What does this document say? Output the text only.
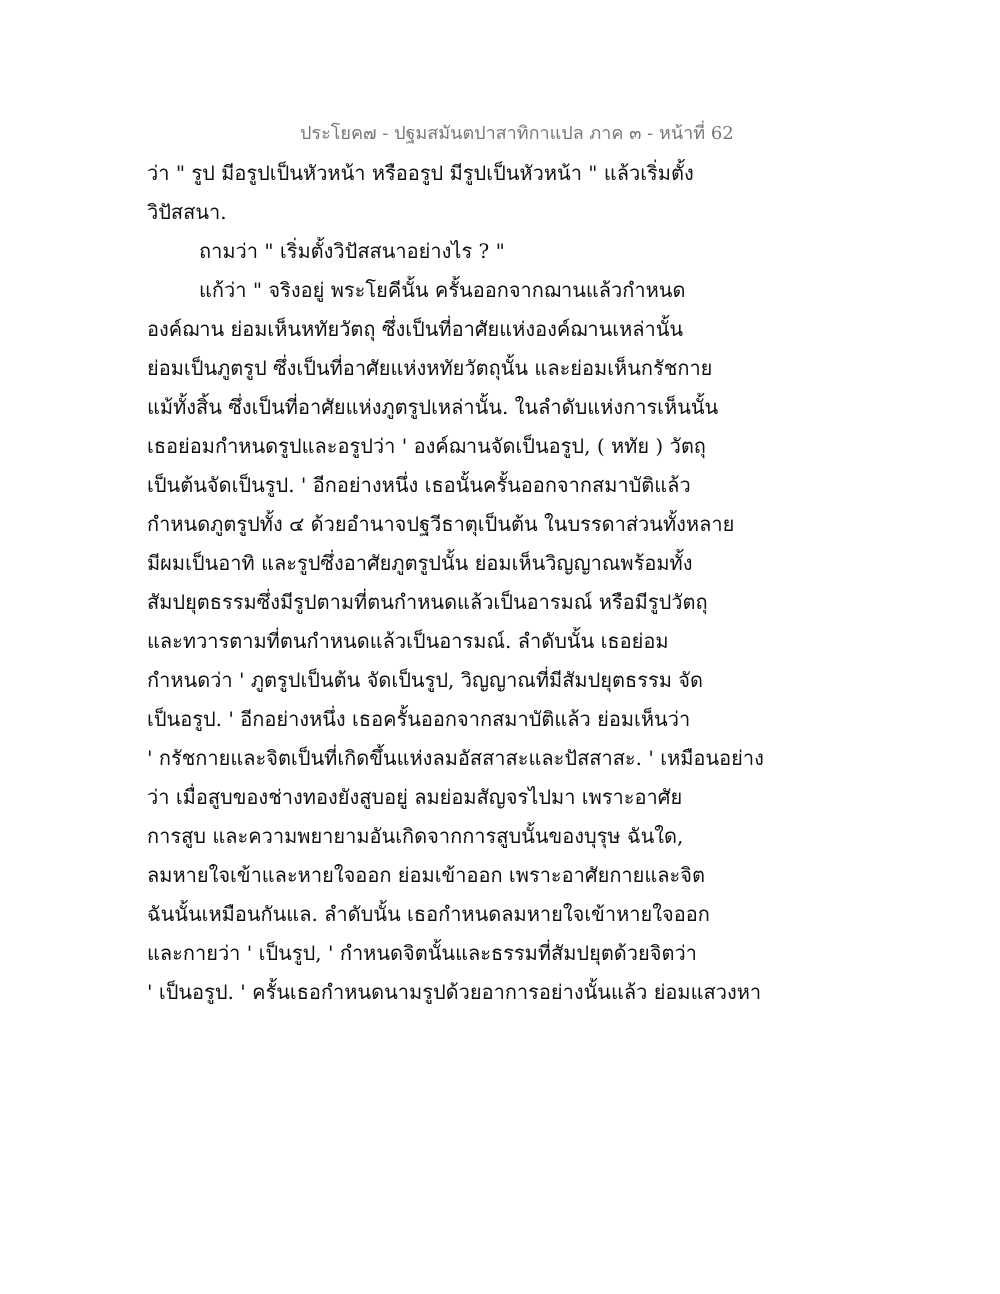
ประโยค๗ - ปฐมสมันตปาสาทิกาแปล ภาค ๓ - หน้าที่ 62
ว่า " รูป มีอรูปเป็นหัวหน้า หรืออรูป มีรูปเป็นหัวหน้า " แล้วเริ่มตั้ง
วิปัสสนา.
ถามว่า " เริ่มตั้งวิปัสสนาอย่างไร ? "
แก้ว่า " จริงอยู่ พระโยคีนั้น ครั้นออกจากฌานแล้วกำหนด
องค์ฌาน ย่อมเห็นหทัยวัตถุ ซึ่งเป็นที่อาศัยแห่งองค์ฌานเหล่านั้น
ย่อมเป็นภูตรูป ซึ่งเป็นที่อาศัยแห่งหทัยวัตถุนั้น และย่อมเห็นกรัชกาย
แม้ทั้งสิ้น ซึ่งเป็นที่อาศัยแห่งภูตรูปเหล่านั้น. ในลำดับแห่งการเห็นนั้น
เธอย่อมกำหนดรูปและอรูปว่า ' องค์ฌานจัดเป็นอรูป, ( หทัย ) วัตถุ
เป็นต้นจัดเป็นรูป. ' อีกอย่างหนึ่ง เธอนั้นครั้นออกจากสมาบัติแล้ว
กำหนดภูตรูปทั้ง ๔ ด้วยอำนาจปฐวีธาตุเป็นต้น ในบรรดาส่วนทั้งหลาย
มีผมเป็นอาทิ และรูปซึ่งอาศัยภูตรูปนั้น ย่อมเห็นวิญญาณพร้อมทั้ง
สัมปยุตธรรมซึ่งมีรูปตามที่ตนกำหนดแล้วเป็นอารมณ์ หรือมีรูปวัตถุ
และทวารตามที่ตนกำหนดแล้วเป็นอารมณ์. ลำดับนั้น เธอย่อม
กำหนดว่า ' ภูตรูปเป็นต้น จัดเป็นรูป, วิญญาณที่มีสัมปยุตธรรม จัด
เป็นอรูป. ' อีกอย่างหนึ่ง เธอครั้นออกจากสมาบัติแล้ว ย่อมเห็นว่า
' กรัชกายและจิตเป็นที่เกิดขึ้นแห่งลมอัสสาสะและปัสสาสะ. ' เหมือนอย่าง
ว่า เมื่อสูบของช่างทองยังสูบอยู่ ลมย่อมสัญจรไปมา เพราะอาศัย
การสูบ และความพยายามอันเกิดจากการสูบนั้นของบุรุษ ฉันใด,
ลมหายใจเข้าและหายใจออก ย่อมเข้าออก เพราะอาศัยกายและจิต
ฉันนั้นเหมือนกันแล. ลำดับนั้น เธอกำหนดลมหายใจเข้าหายใจออก
และกายว่า ' เป็นรูป, ' กำหนดจิตนั้นและธรรมที่สัมปยุตด้วยจิตว่า
' เป็นอรูป. ' ครั้นเธอกำหนดนามรูปด้วยอาการอย่างนั้นแล้ว ย่อมแสวงหา
